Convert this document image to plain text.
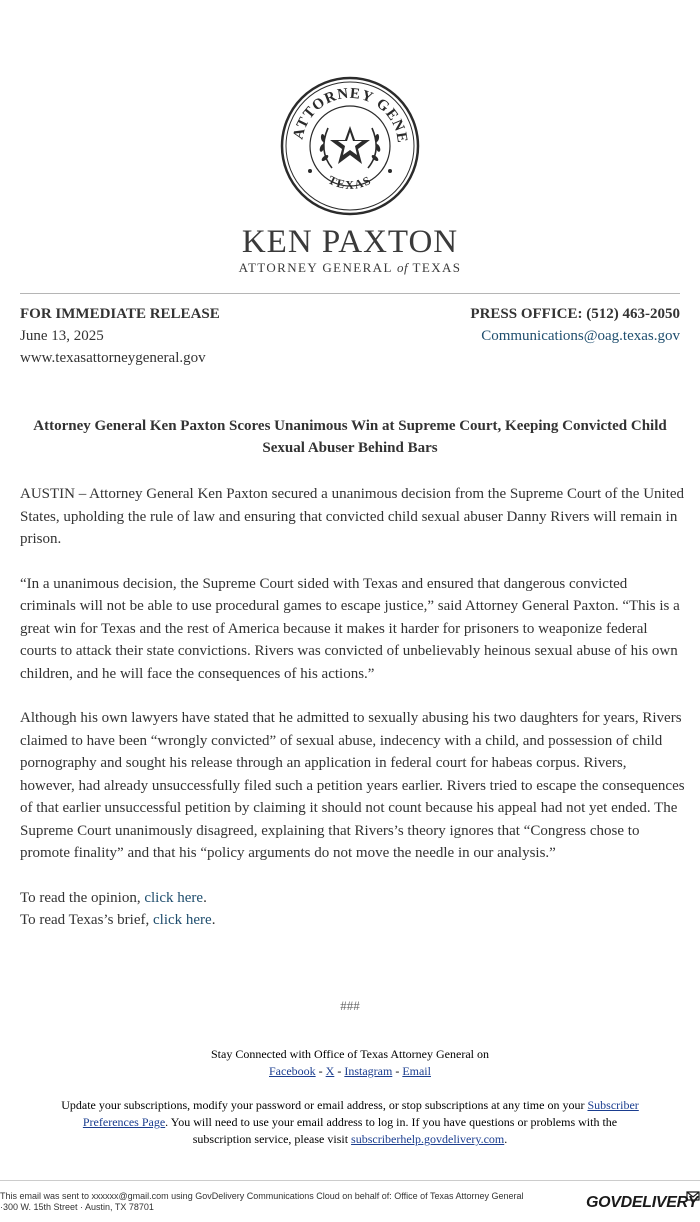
ATTORNEY GENE
TEXAS
KEN PAXTON
ATTORNEY GENERAL of TEXAS
FOR IMMEDIATE RELEASE
June 13, 2025
www.texasattorneygeneral.gov
PRESS OFFICE: (512) 463-2050
Communications@oag.texas.gov
Attorney General Ken Paxton Scores Unanimous Win at Supreme Court, Keeping Convicted Child Sexual Abuser Behind Bars

AUSTIN – Attorney General Ken Paxton secured a unanimous decision from the Supreme Court of the United States, upholding the rule of law and ensuring that convicted child sexual abuser Danny Rivers will remain in prison.

“In a unanimous decision, the Supreme Court sided with Texas and ensured that dangerous convicted criminals will not be able to use procedural games to escape justice,” said Attorney General Paxton. “This is a great win for Texas and the rest of America because it makes it harder for prisoners to weaponize federal courts to attack their state convictions. Rivers was convicted of unbelievably heinous sexual abuse of his own children, and he will face the consequences of his actions.”

Although his own lawyers have stated that he admitted to sexually abusing his two daughters for years, Rivers claimed to have been “wrongly convicted” of sexual abuse, indecency with a child, and possession of child pornography and sought his release through an application in federal court for habeas corpus. Rivers, however, had already unsuccessfully filed such a petition years earlier. Rivers tried to escape the consequences of that earlier unsuccessful petition by claiming it should not count because his appeal had not yet ended. The Supreme Court unanimously disagreed, explaining that Rivers’s theory ignores that “Congress chose to promote finality” and that his “policy arguments do not move the needle in our analysis.”

To read the opinion, click here.

To read Texas’s brief, click here.

###
Stay Connected with Office of Texas Attorney General on
Facebook - X - Instagram - Email
Update your subscriptions, modify your password or email address, or stop subscriptions at any time on your Subscriber Preferences Page. You will need to use your email address to log in. If you have questions or problems with the subscription service, please visit subscriberhelp.govdelivery.com.
This email was sent to xxxxxx@gmail.com using GovDelivery Communications Cloud on behalf of: Office of Texas Attorney General
·300 W. 15th Street · Austin, TX 78701	GOVDELIVERY
